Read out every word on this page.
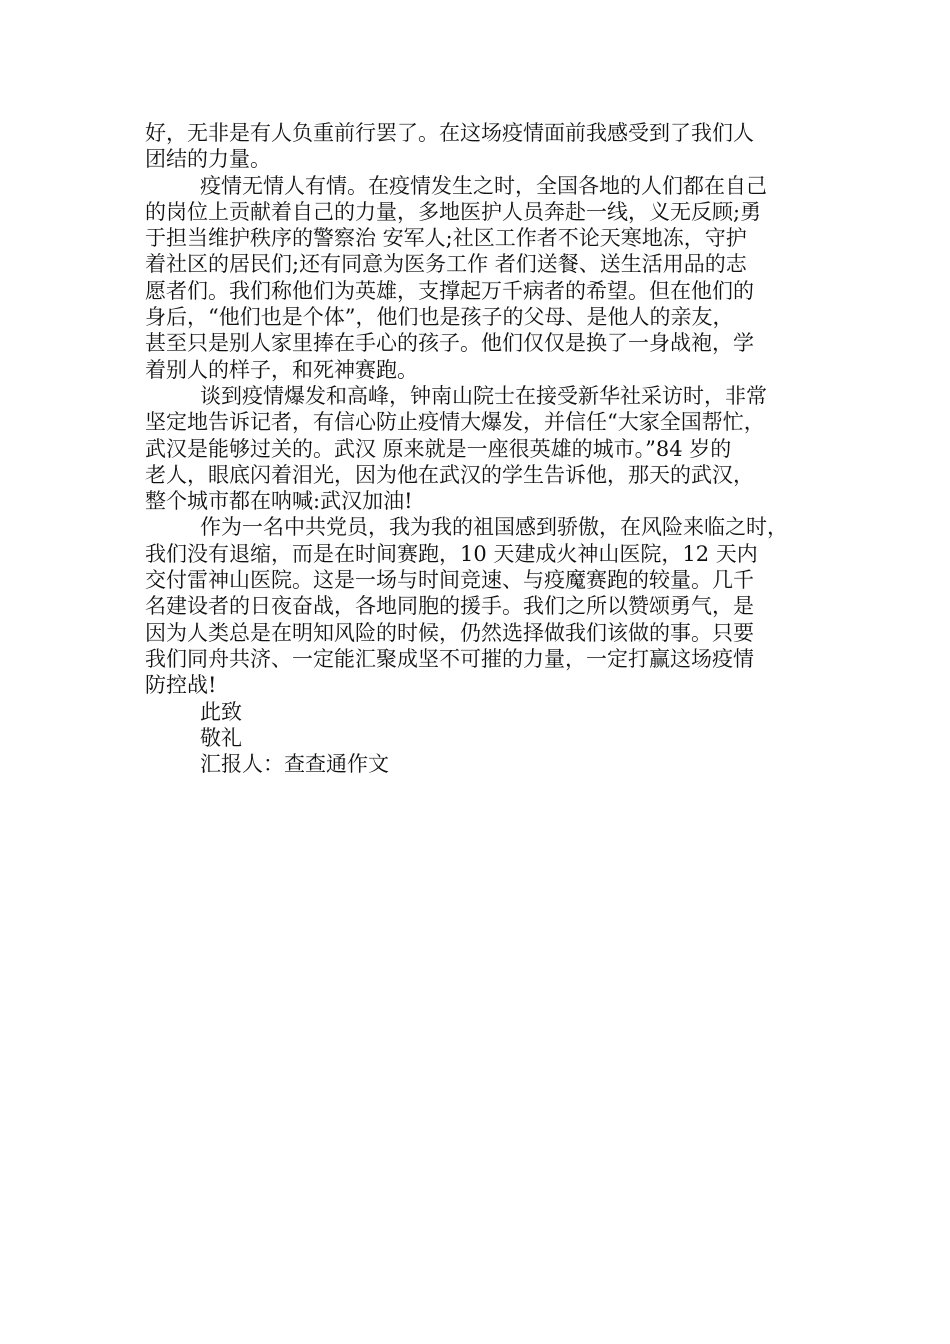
好，无非是有人负重前行罢了。在这场疫情面前我感受到了我们人
团结的力量。
疫情无情人有情。在疫情发生之时，全国各地的人们都在自己
的岗位上贡献着自己的力量，多地医护人员奔赴一线，义无反顾;勇
于担当维护秩序的警察治 安军人;社区工作者不论天寒地冻，守护
着社区的居民们;还有同意为医务工作 者们送餐、送生活用品的志
愿者们。我们称他们为英雄，支撑起万千病者的希望。但在他们的
身后，“他们也是个体”，他们也是孩子的父母、是他人的亲友，
甚至只是别人家里捧在手心的孩子。他们仅仅是换了一身战袍，学
着别人的样子，和死神赛跑。
谈到疫情爆发和高峰，钟南山院士在接受新华社采访时，非常
坚定地告诉记者，有信心防止疫情大爆发，并信任“大家全国帮忙，
武汉是能够过关的。武汉 原来就是一座很英雄的城市。”84 岁的
老人，眼底闪着泪光，因为他在武汉的学生告诉他，那天的武汉，
整个城市都在呐喊:武汉加油!
作为一名中共党员，我为我的祖国感到骄傲，在风险来临之时，
我们没有退缩，而是在时间赛跑，10 天建成火神山医院，12 天内
交付雷神山医院。这是一场与时间竞速、与疫魔赛跑的较量。几千
名建设者的日夜奋战，各地同胞的援手。我们之所以赞颂勇气，是
因为人类总是在明知风险的时候，仍然选择做我们该做的事。只要
我们同舟共济、一定能汇聚成坚不可摧的力量，一定打赢这场疫情
防控战!
此致
敬礼
汇报人：查查通作文
